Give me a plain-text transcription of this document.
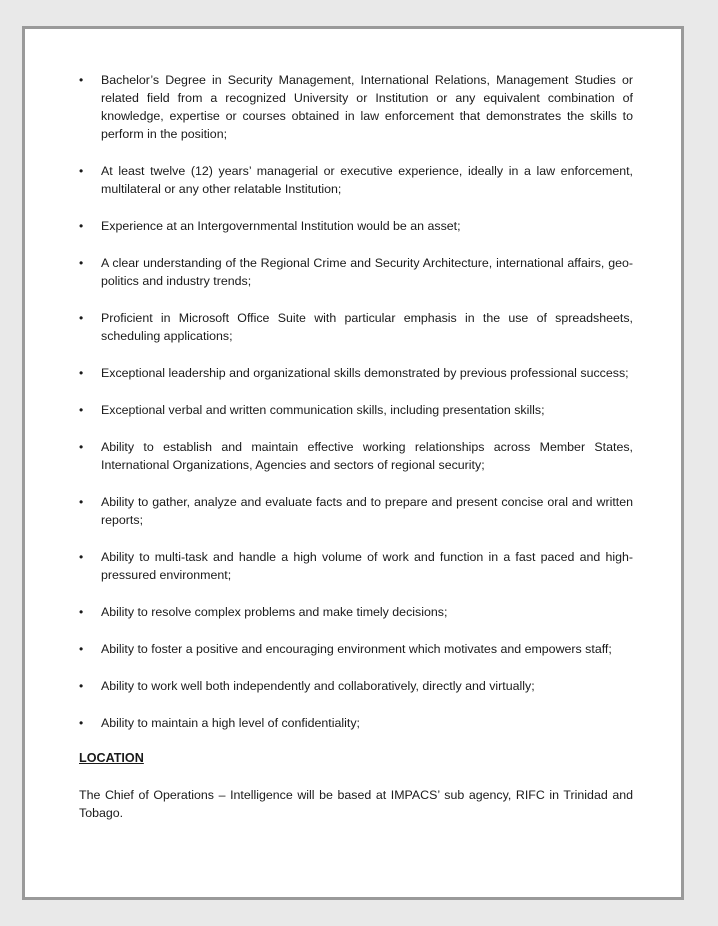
• Bachelor’s Degree in Security Management, International Relations, Management Studies or related field from a recognized University or Institution or any equivalent combination of knowledge, expertise or courses obtained in law enforcement that demonstrates the skills to perform in the position;
• At least twelve (12) years’ managerial or executive experience, ideally in a law enforcement, multilateral or any other relatable Institution;
• Experience at an Intergovernmental Institution would be an asset;
• A clear understanding of the Regional Crime and Security Architecture, international affairs, geo-politics and industry trends;
• Proficient in Microsoft Office Suite with particular emphasis in the use of spreadsheets, scheduling applications;
• Exceptional leadership and organizational skills demonstrated by previous professional success;
• Exceptional verbal and written communication skills, including presentation skills;
• Ability to establish and maintain effective working relationships across Member States, International Organizations, Agencies and sectors of regional security;
• Ability to gather, analyze and evaluate facts and to prepare and present concise oral and written reports;
• Ability to multi-task and handle a high volume of work and function in a fast paced and high-pressured environment;
• Ability to resolve complex problems and make timely decisions;
• Ability to foster a positive and encouraging environment which motivates and empowers staff;
• Ability to work well both independently and collaboratively, directly and virtually;
• Ability to maintain a high level of confidentiality;
LOCATION

The Chief of Operations – Intelligence will be based at IMPACS’ sub agency, RIFC in Trinidad and Tobago.
